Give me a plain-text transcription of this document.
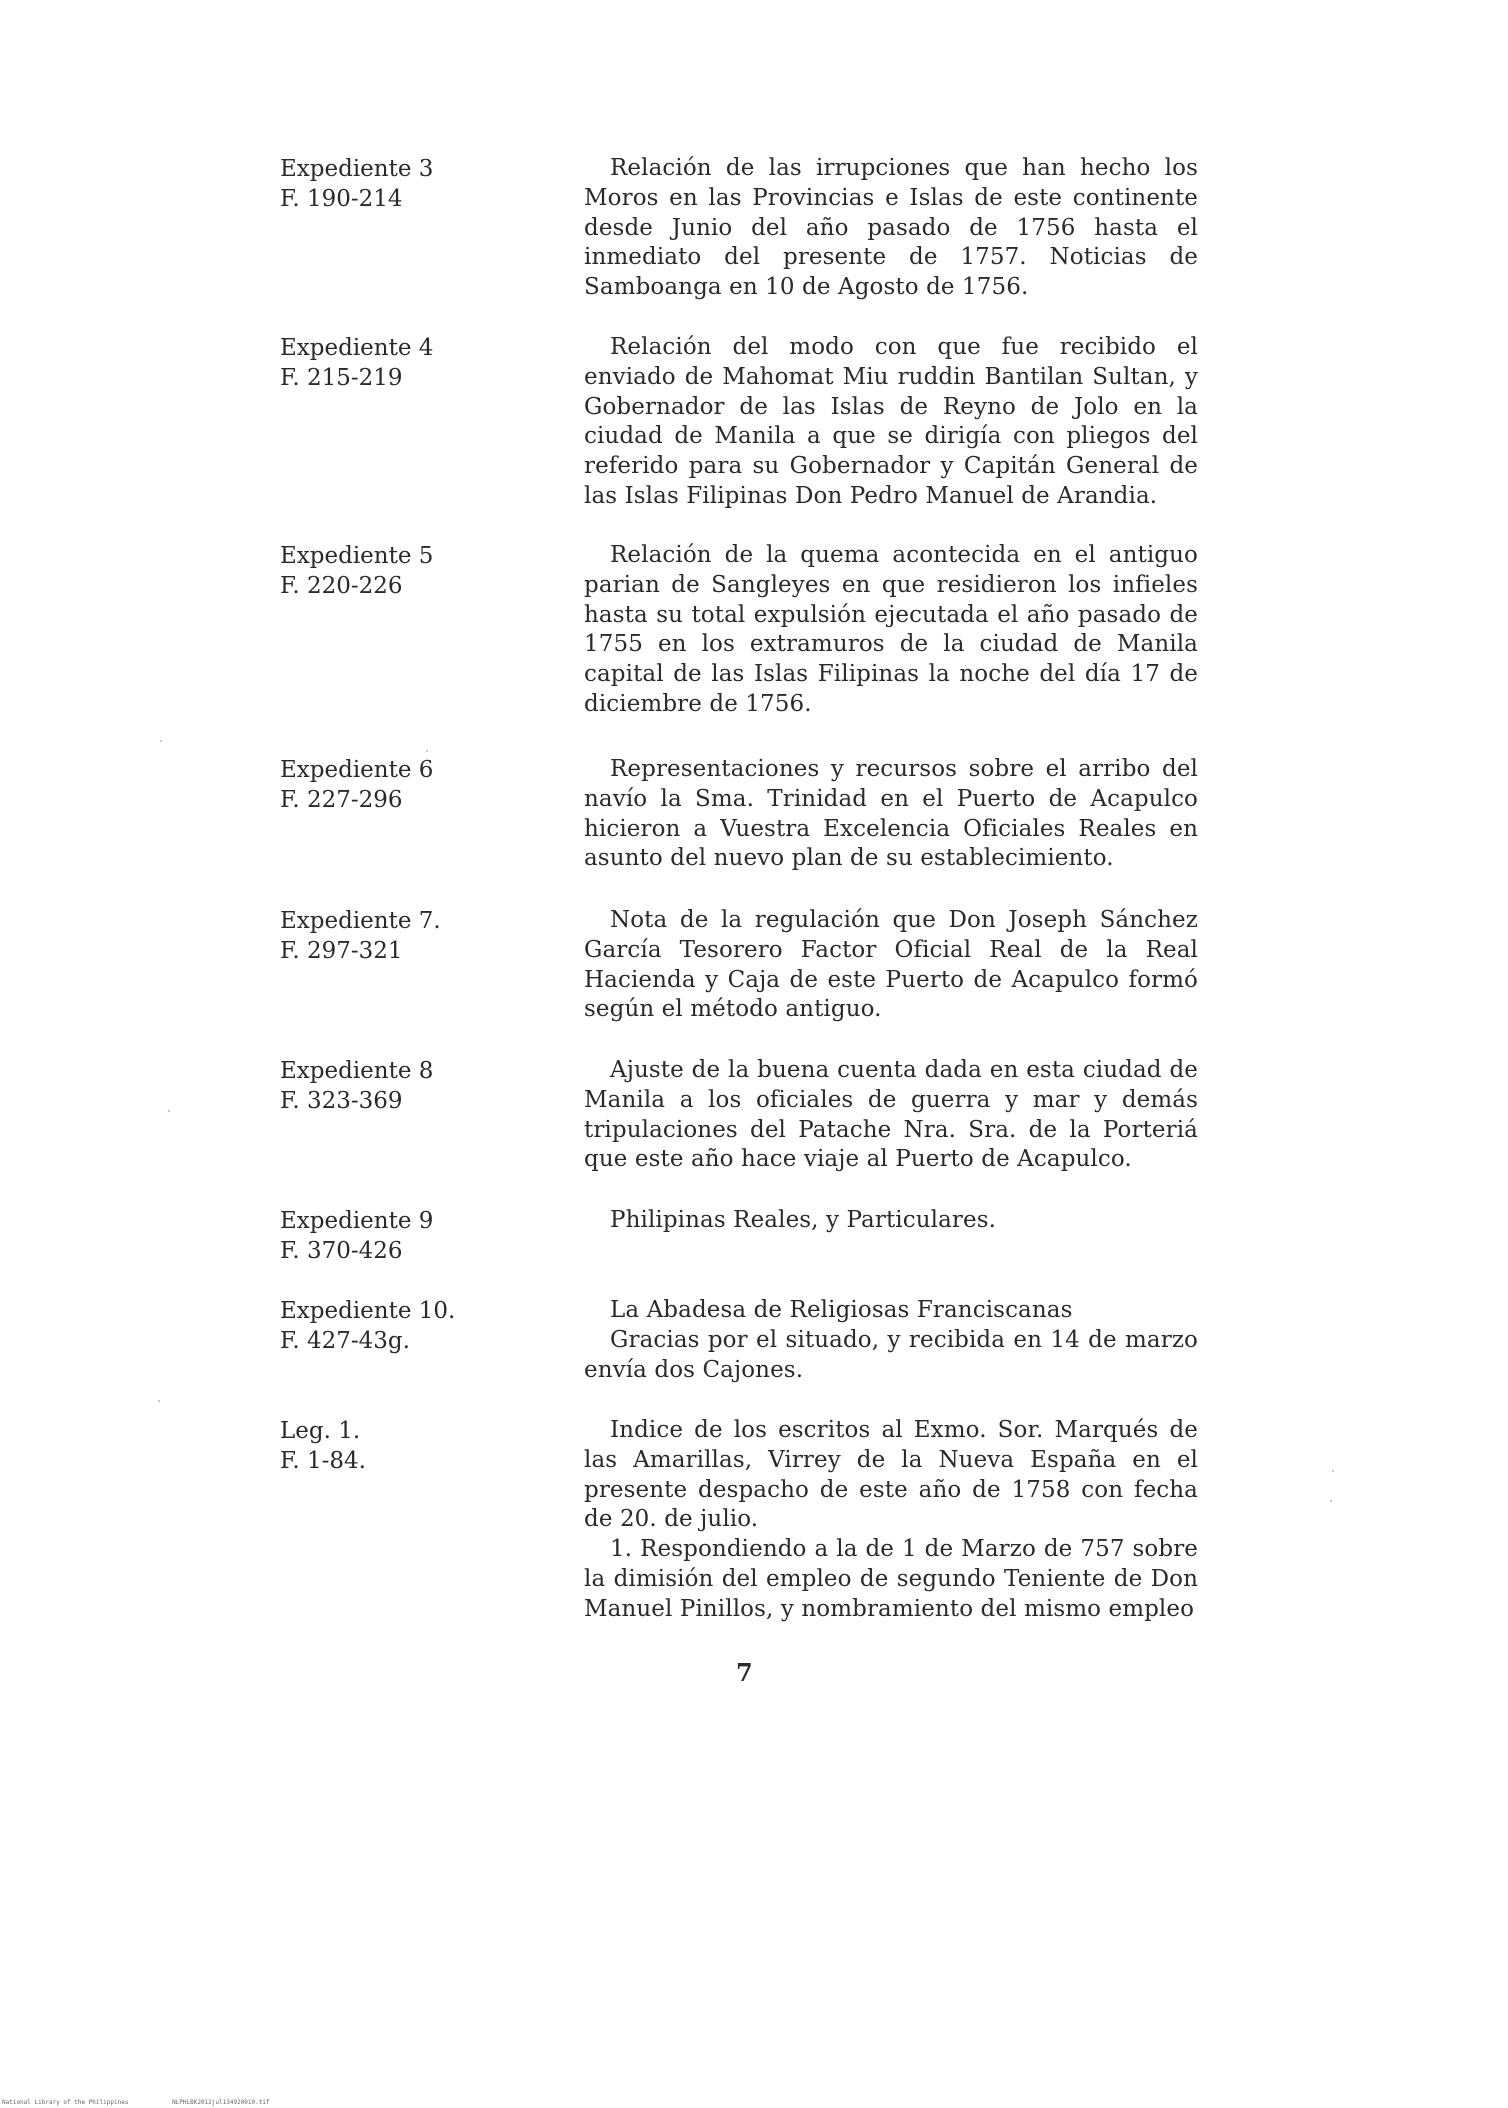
Expediente 3
F. 190-214

Relación de las irrupciones que han hecho los Moros en las Provincias e Islas de este continente desde Junio del año pasado de 1756 hasta el inmediato del presente de 1757. Noticias de Samboanga en 10 de Agosto de 1756.

Expediente 4
F. 215-219

Relación del modo con que fue recibido el enviado de Mahomat Miu ruddin Bantilan Sultan, y Gobernador de las Islas de Reyno de Jolo en la ciudad de Manila a que se dirigía con pliegos del referido para su Gobernador y Capitán General de las Islas Filipinas Don Pedro Manuel de Arandia.

Expediente 5
F. 220-226

Relación de la quema acontecida en el antiguo parian de Sangleyes en que residieron los infieles hasta su total expulsión ejecutada el año pasado de 1755 en los extramuros de la ciudad de Manila capital de las Islas Filipinas la noche del día 17 de diciembre de 1756.

Expediente 6
F. 227-296

Representaciones y recursos sobre el arribo del navío la Sma. Trinidad en el Puerto de Acapulco hicieron a Vuestra Excelencia Oficiales Reales en asunto del nuevo plan de su establecimiento.

Expediente 7.
F. 297-321

Nota de la regulación que Don Joseph Sánchez García Tesorero Factor Oficial Real de la Real Hacienda y Caja de este Puerto de Acapulco formó según el método antiguo.

Expediente 8
F. 323-369

Ajuste de la buena cuenta dada en esta ciudad de Manila a los oficiales de guerra y mar y demás tripulaciones del Patache Nra. Sra. de la Porteriá que este año hace viaje al Puerto de Acapulco.

Expediente 9
F. 370-426

Philipinas Reales, y Particulares.

Expediente 10.
F. 427-43g.

La Abadesa de Religiosas Franciscanas

Gracias por el situado, y recibida en 14 de marzo envía dos Cajones.

Leg. 1.
F. 1-84.

Indice de los escritos al Exmo. Sor. Marqués de las Amarillas, Virrey de la Nueva España en el presente despacho de este año de 1758 con fecha de 20. de julio.

1. Respondiendo a la de 1 de Marzo de 757 sobre la dimisión del empleo de segundo Teniente de Don Manuel Pinillos, y nombramiento del mismo empleo

7
National Library of the Philippines	NLPHLBK2012jul134920010.tif
